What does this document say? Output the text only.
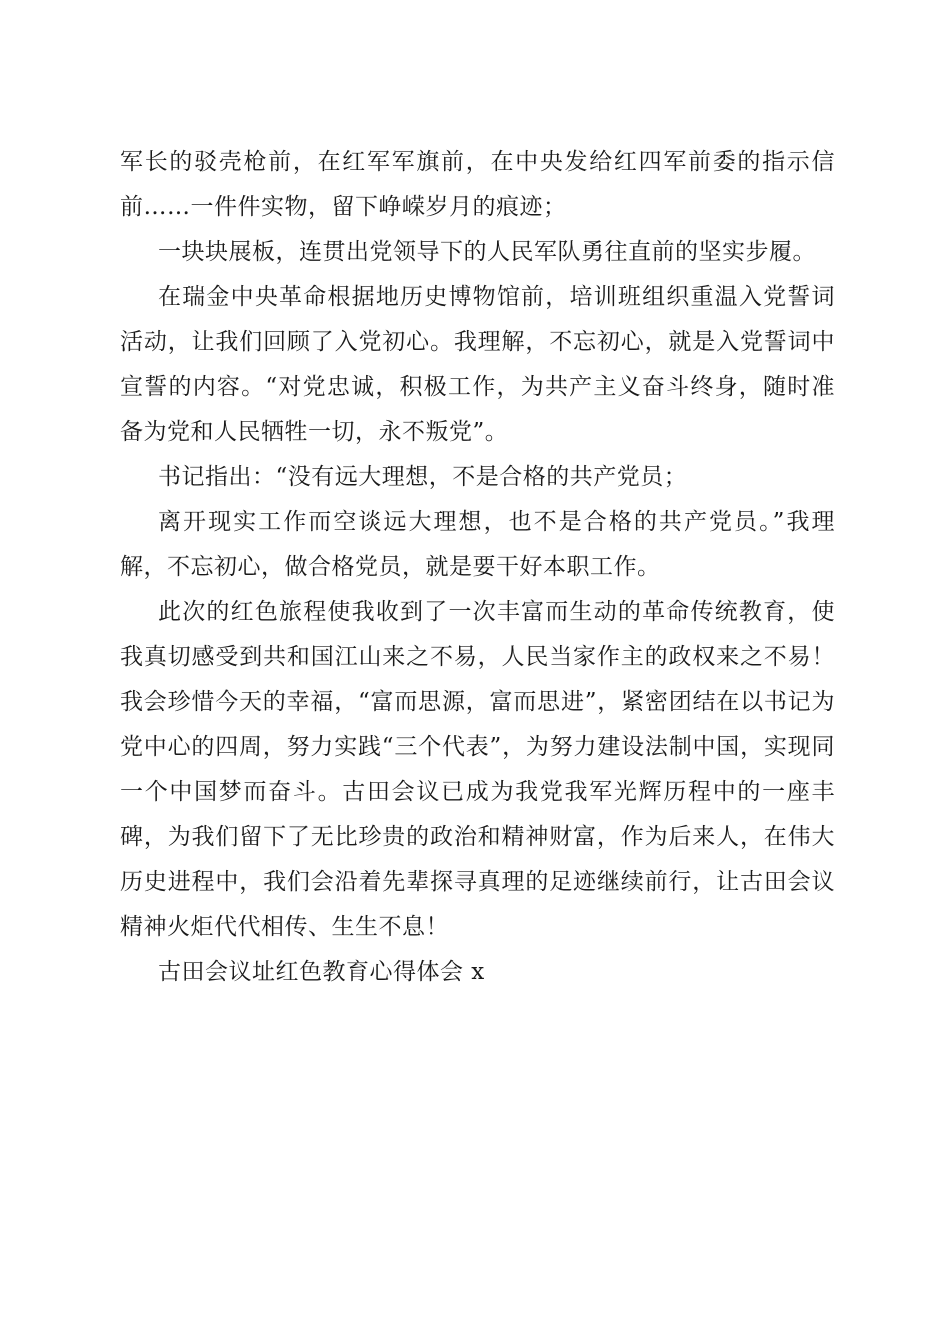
军长的驳壳枪前，在红军军旗前，在中央发给红四军前委的指示信前……一件件实物，留下峥嵘岁月的痕迹；

一块块展板，连贯出党领导下的人民军队勇往直前的坚实步履。

在瑞金中央革命根据地历史博物馆前，培训班组织重温入党誓词活动，让我们回顾了入党初心。我理解，不忘初心，就是入党誓词中宣誓的内容。“对党忠诚，积极工作，为共产主义奋斗终身，随时准备为党和人民牺牲一切，永不叛党”。

书记指出：“没有远大理想，不是合格的共产党员；

离开现实工作而空谈远大理想，也不是合格的共产党员。”我理解，不忘初心，做合格党员，就是要干好本职工作。

此次的红色旅程使我收到了一次丰富而生动的革命传统教育，使我真切感受到共和国江山来之不易，人民当家作主的政权来之不易！我会珍惜今天的幸福，“富而思源，富而思进”，紧密团结在以书记为党中心的四周，努力实践“三个代表”，为努力建设法制中国，实现同一个中国梦而奋斗。古田会议已成为我党我军光辉历程中的一座丰碑，为我们留下了无比珍贵的政治和精神财富，作为后来人，在伟大历史进程中，我们会沿着先辈探寻真理的足迹继续前行，让古田会议精神火炬代代相传、生生不息！

古田会议址红色教育心得体会 x
